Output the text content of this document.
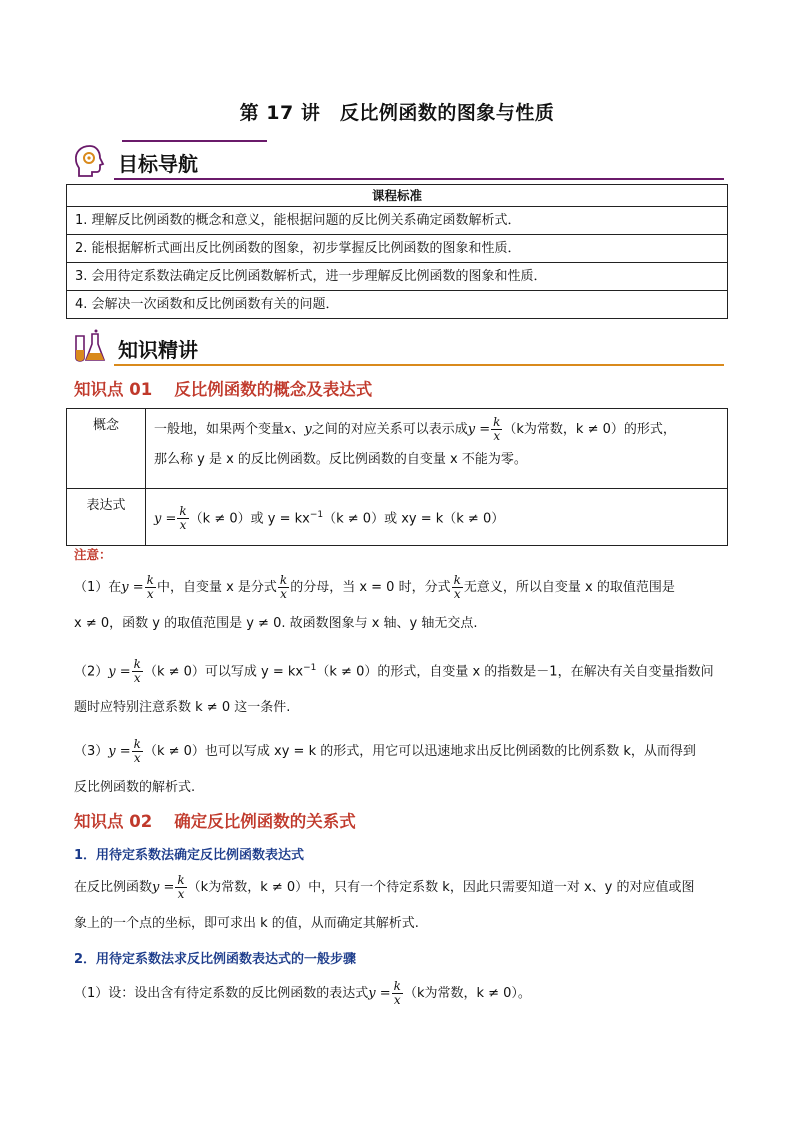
第 17 讲　反比例函数的图象与性质
目标导航
课程标准
1. 理解反比例函数的概念和意义，能根据问题的反比例关系确定函数解析式．
2. 能根据解析式画出反比例函数的图象，初步掌握反比例函数的图象和性质．
3. 会用待定系数法确定反比例函数解析式，进一步理解反比例函数的图象和性质．
4. 会解决一次函数和反比例函数有关的问题．
知识精讲
知识点 01 反比例函数的概念及表达式
概念	一般地，如果两个变量x、y之间的对应关系可以表示成$y = \frac{k}{x} (k$为常数，k ≠ 0）的形式，
那么称 y 是 x 的反比例函数。反比例函数的自变量 x 不能为零。

表达式	$y = \frac{k}{x} (k \ne 0)$或 $y = kx^{-1}(k \ne 0)$或 xy = k（k ≠ 0）
注意：

（1）在$y = \frac{k}{x}$ 中，自变量 x 是分式 $\frac{k}{x}$ 的分母，当 x = 0 时，分式 $\frac{k}{x}$ 无意义，所以自变量 x 的取值范围是

x ≠ 0，函数 y 的取值范围是 y ≠ 0. 故函数图象与 x 轴、y 轴无交点.

$(2)y = \frac{k}{x} (k \ne 0)$可以写成 $y = kx^{-1}(k \ne 0)$的形式，自变量 x 的指数是－1，在解决有关自变量指数问

题时应特别注意系数 k ≠ 0 这一条件.

$(3)y = \frac{k}{x} (k \ne 0)$也可以写成 xy = k 的形式，用它可以迅速地求出反比例函数的比例系数 k，从而得到

反比例函数的解析式.

知识点 02 确定反比例函数的关系式
1．用待定系数法确定反比例函数表达式

在反比例函数$y = \frac{k}{x} (k$为常数，k ≠ 0）中，只有一个待定系数 k，因此只需要知道一对 x、y 的对应值或图

象上的一个点的坐标，即可求出 k 的值，从而确定其解析式.

2．用待定系数法求反比例函数表达式的一般步骤

（1）设：设出含有待定系数的反比例函数的表达式$y = \frac{k}{x} (k$为常数，k ≠ 0）。
